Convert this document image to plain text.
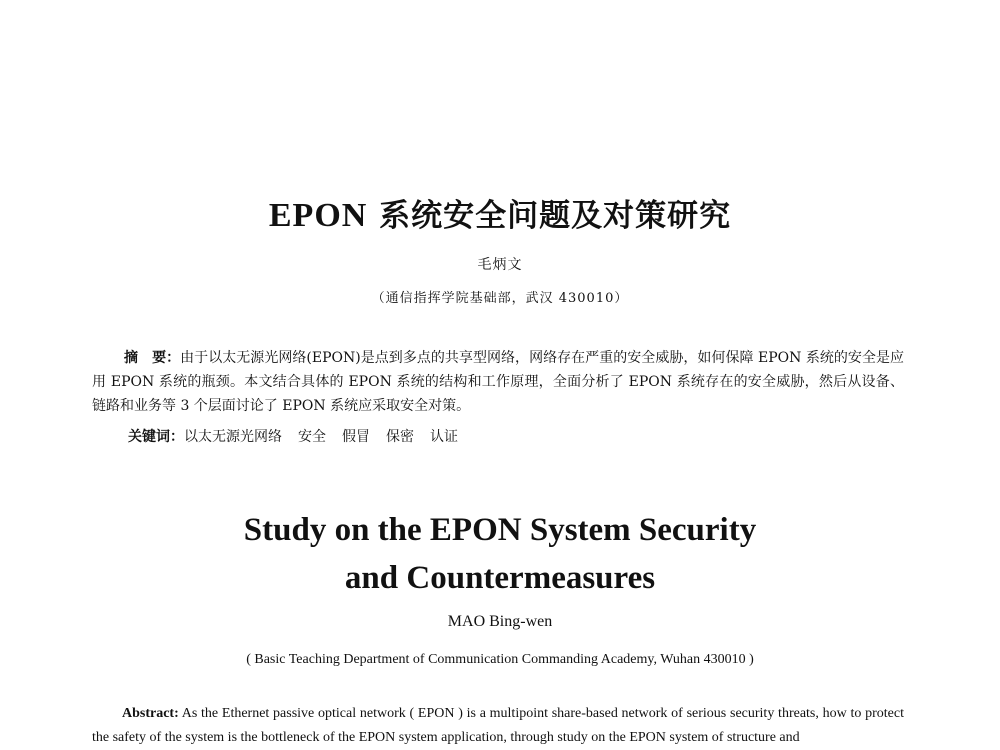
EPON 系统安全问题及对策研究
毛炳文
（通信指挥学院基础部，武汉 430010）
摘　要：由于以太无源光网络(EPON)是点到多点的共享型网络，网络存在严重的安全威胁，如何保障 EPON 系统的安全是应用 EPON 系统的瓶颈。本文结合具体的 EPON 系统的结构和工作原理，全面分析了 EPON 系统存在的安全威胁，然后从设备、链路和业务等 3 个层面讨论了 EPON 系统应采取安全对策。
关键词：以太无源光网络 安全 假冒 保密 认证
Study on the EPON System Security
and Countermeasures
MAO Bing-wen
( Basic Teaching Department of Communication Commanding Academy, Wuhan 430010 )
Abstract: As the Ethernet passive optical network ( EPON ) is a multipoint share-based network of serious security threats, how to protect the safety of the system is the bottleneck of the EPON system application, through study on the EPON system of structure and
